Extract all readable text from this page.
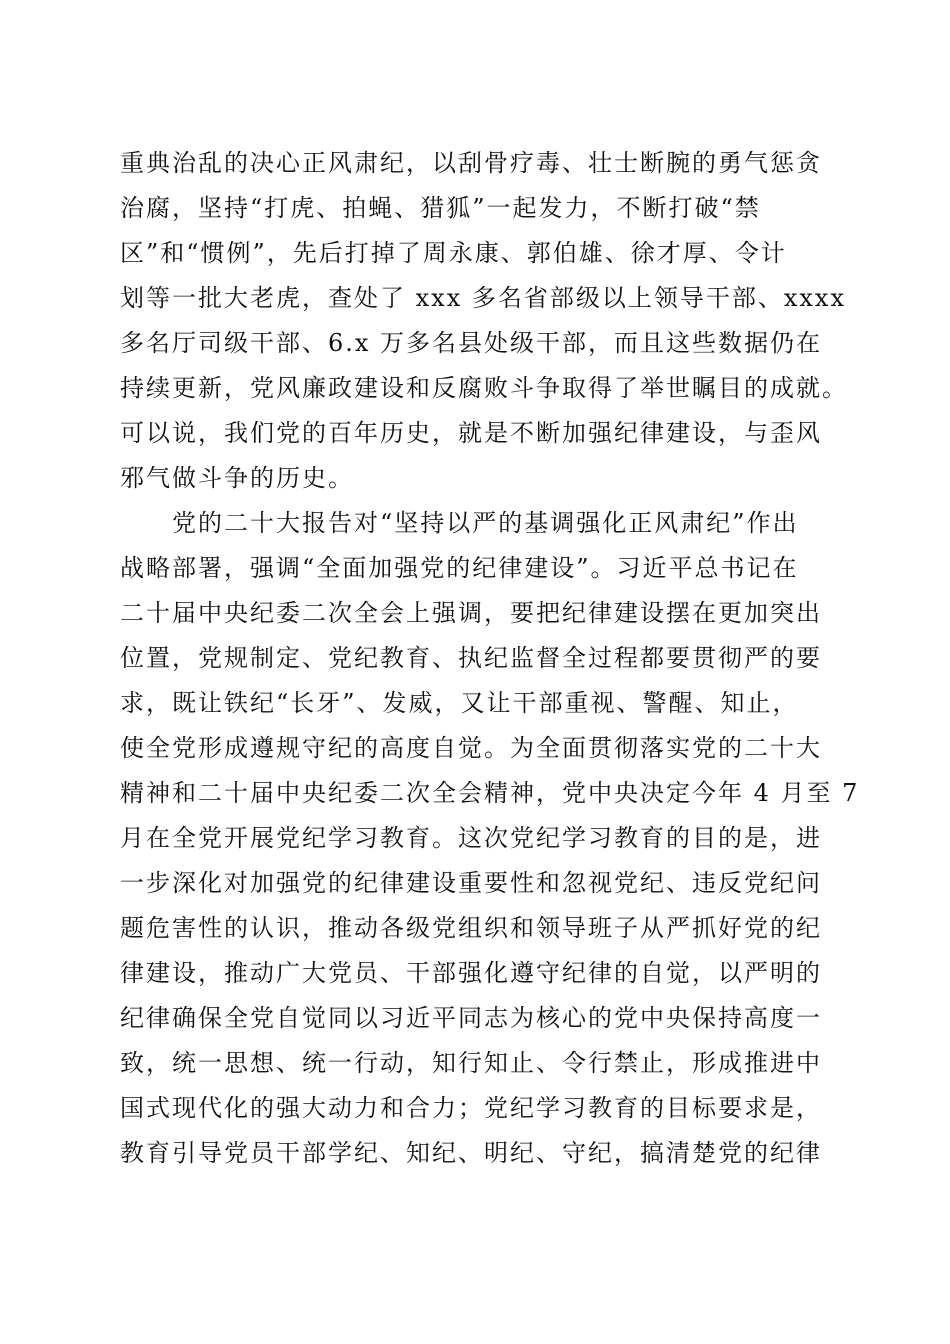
重典治乱的决心正风肃纪，以刮骨疗毒、壮士断腕的勇气惩贪
治腐，坚持“打虎、拍蝇、猎狐”一起发力，不断打破“禁
区”和“惯例”，先后打掉了周永康、郭伯雄、徐才厚、令计
划等一批大老虎，查处了 xxx 多名省部级以上领导干部、xxxx
多名厅司级干部、6.x 万多名县处级干部，而且这些数据仍在
持续更新，党风廉政建设和反腐败斗争取得了举世瞩目的成就。
可以说，我们党的百年历史，就是不断加强纪律建设，与歪风
邪气做斗争的历史。
党的二十大报告对“坚持以严的基调强化正风肃纪”作出
战略部署，强调“全面加强党的纪律建设”。习近平总书记在
二十届中央纪委二次全会上强调，要把纪律建设摆在更加突出
位置，党规制定、党纪教育、执纪监督全过程都要贯彻严的要
求，既让铁纪“长牙”、发威，又让干部重视、警醒、知止，
使全党形成遵规守纪的高度自觉。为全面贯彻落实党的二十大
精神和二十届中央纪委二次全会精神，党中央决定今年 4 月至 7
月在全党开展党纪学习教育。这次党纪学习教育的目的是，进
一步深化对加强党的纪律建设重要性和忽视党纪、违反党纪问
题危害性的认识，推动各级党组织和领导班子从严抓好党的纪
律建设，推动广大党员、干部强化遵守纪律的自觉，以严明的
纪律确保全党自觉同以习近平同志为核心的党中央保持高度一
致，统一思想、统一行动，知行知止、令行禁止，形成推进中
国式现代化的强大动力和合力；党纪学习教育的目标要求是，
教育引导党员干部学纪、知纪、明纪、守纪，搞清楚党的纪律
